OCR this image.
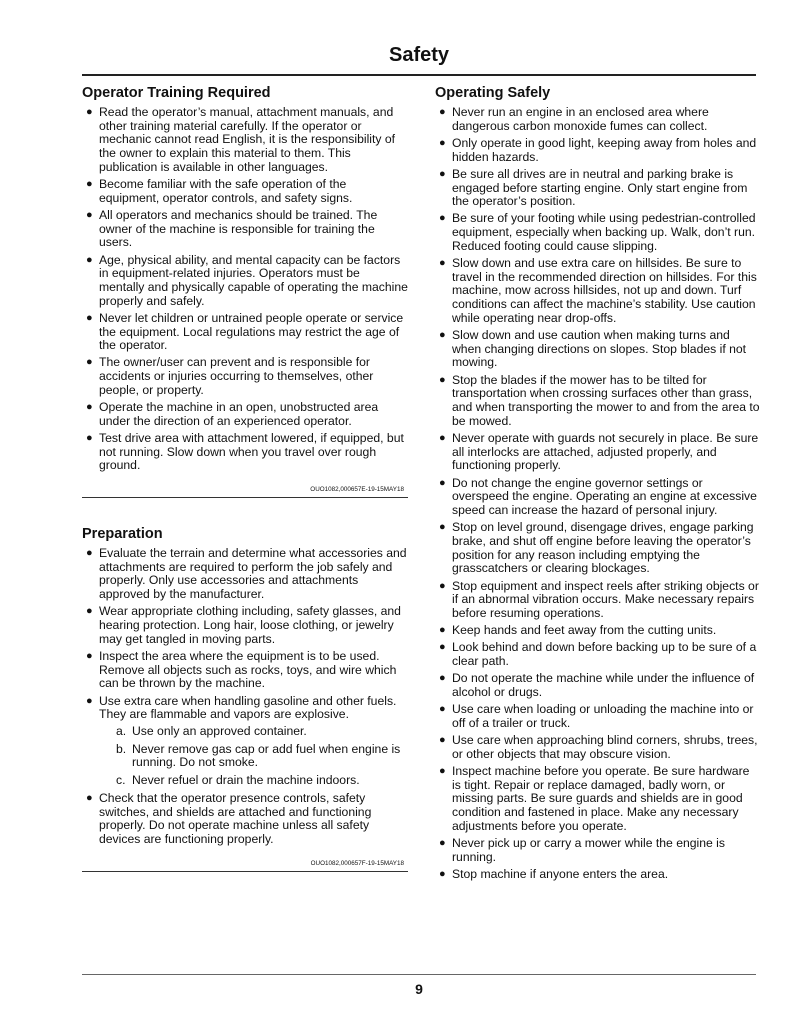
Safety
Operator Training Required
● Read the operator’s manual, attachment manuals, and other training material carefully. If the operator or mechanic cannot read English, it is the responsibility of the owner to explain this material to them. This publication is available in other languages.
● Become familiar with the safe operation of the equipment, operator controls, and safety signs.
● All operators and mechanics should be trained. The owner of the machine is responsible for training the users.
● Age, physical ability, and mental capacity can be factors in equipment-related injuries. Operators must be mentally and physically capable of operating the machine properly and safely.
● Never let children or untrained people operate or service the equipment. Local regulations may restrict the age of the operator.
● The owner/user can prevent and is responsible for accidents or injuries occurring to themselves, other people, or property.
● Operate the machine in an open, unobstructed area under the direction of an experienced operator.
● Test drive area with attachment lowered, if equipped, but not running. Slow down when you travel over rough ground.
OUO1082,000657E-19-15MAY18
Preparation
● Evaluate the terrain and determine what accessories and attachments are required to perform the job safely and properly. Only use accessories and attachments approved by the manufacturer.
● Wear appropriate clothing including, safety glasses, and hearing protection. Long hair, loose clothing, or jewelry may get tangled in moving parts.
● Inspect the area where the equipment is to be used. Remove all objects such as rocks, toys, and wire which can be thrown by the machine.
● Use extra care when handling gasoline and other fuels. They are flammable and vapors are explosive.
a. Use only an approved container.
b. Never remove gas cap or add fuel when engine is running. Do not smoke.
c. Never refuel or drain the machine indoors.
● Check that the operator presence controls, safety switches, and shields are attached and functioning properly. Do not operate machine unless all safety devices are functioning properly.
OUO1082,000657F-19-15MAY18
Operating Safely
● Never run an engine in an enclosed area where dangerous carbon monoxide fumes can collect.
● Only operate in good light, keeping away from holes and hidden hazards.
● Be sure all drives are in neutral and parking brake is engaged before starting engine. Only start engine from the operator’s position.
● Be sure of your footing while using pedestrian-controlled equipment, especially when backing up. Walk, don’t run. Reduced footing could cause slipping.
● Slow down and use extra care on hillsides. Be sure to travel in the recommended direction on hillsides. For this machine, mow across hillsides, not up and down. Turf conditions can affect the machine’s stability. Use caution while operating near drop-offs.
● Slow down and use caution when making turns and when changing directions on slopes. Stop blades if not mowing.
● Stop the blades if the mower has to be tilted for transportation when crossing surfaces other than grass, and when transporting the mower to and from the area to be mowed.
● Never operate with guards not securely in place. Be sure all interlocks are attached, adjusted properly, and functioning properly.
● Do not change the engine governor settings or overspeed the engine. Operating an engine at excessive speed can increase the hazard of personal injury.
● Stop on level ground, disengage drives, engage parking brake, and shut off engine before leaving the operator’s position for any reason including emptying the grasscatchers or clearing blockages.
● Stop equipment and inspect reels after striking objects or if an abnormal vibration occurs. Make necessary repairs before resuming operations.
● Keep hands and feet away from the cutting units.
● Look behind and down before backing up to be sure of a clear path.
● Do not operate the machine while under the influence of alcohol or drugs.
● Use care when loading or unloading the machine into or off of a trailer or truck.
● Use care when approaching blind corners, shrubs, trees, or other objects that may obscure vision.
● Inspect machine before you operate. Be sure hardware is tight. Repair or replace damaged, badly worn, or missing parts. Be sure guards and shields are in good condition and fastened in place. Make any necessary adjustments before you operate.
● Never pick up or carry a mower while the engine is running.
● Stop machine if anyone enters the area.
9
